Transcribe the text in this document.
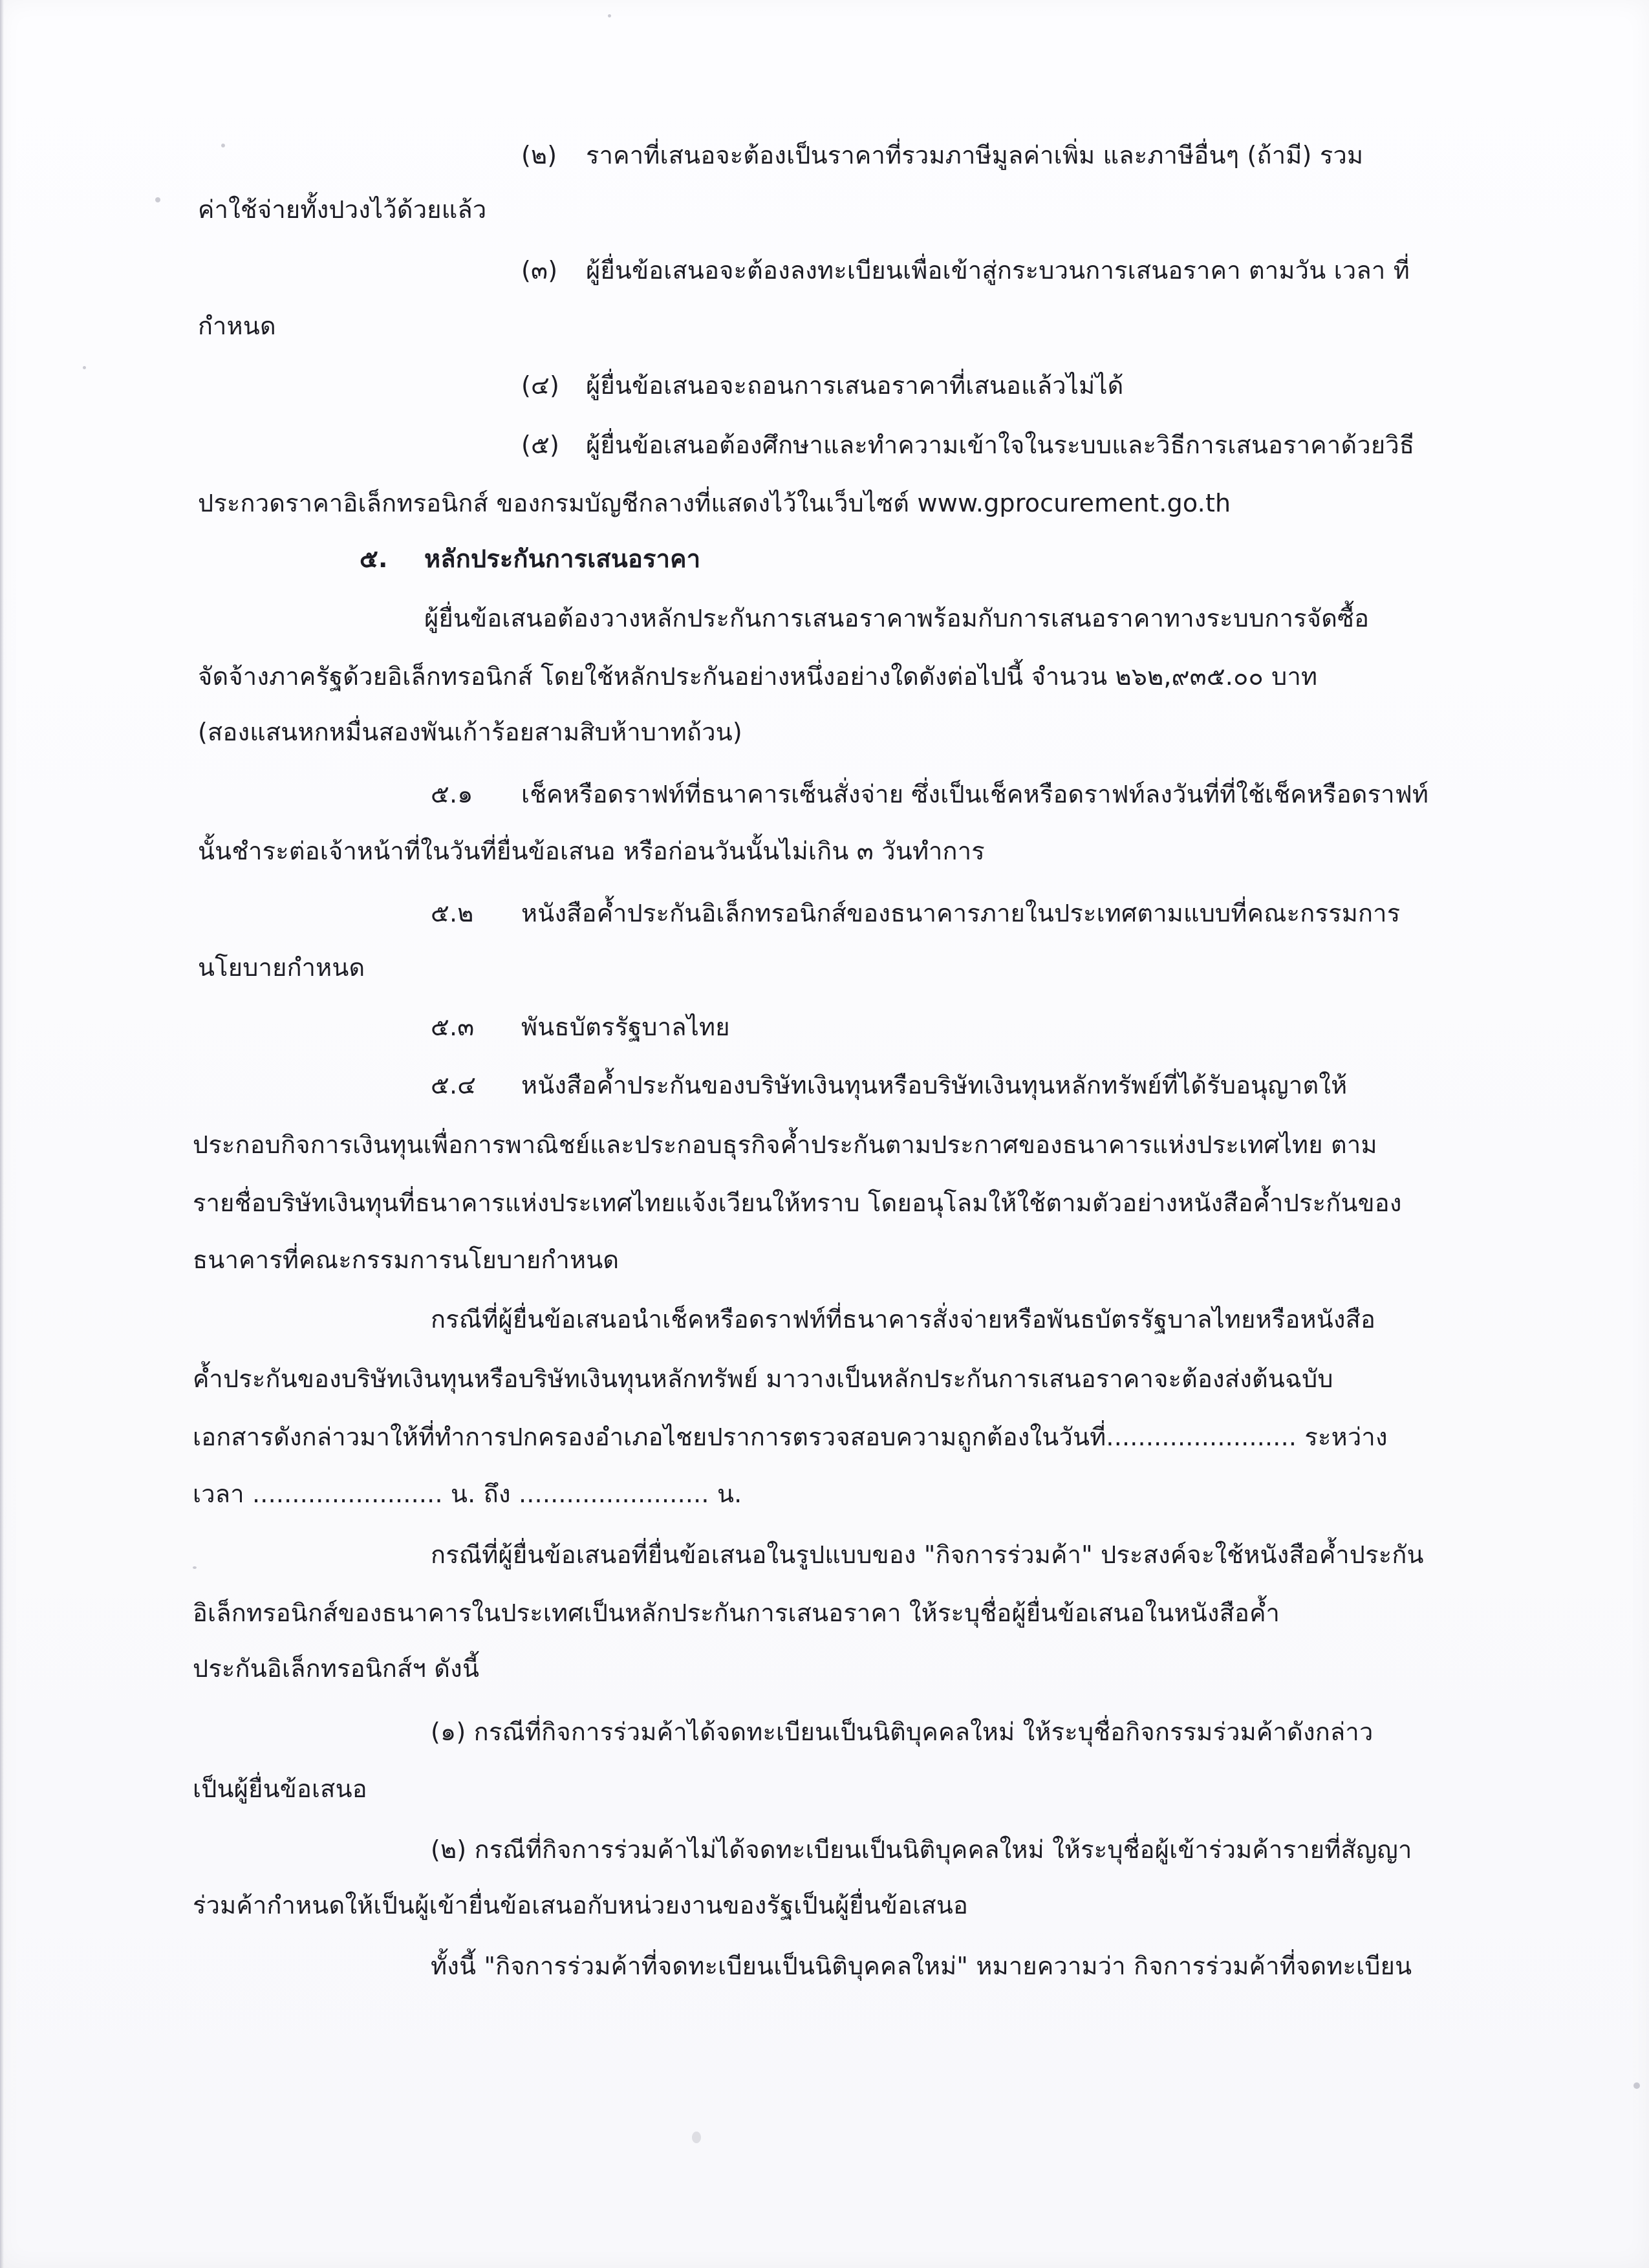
(๒) ราคาที่เสนอจะต้องเป็นราคาที่รวมภาษีมูลค่าเพิ่ม และภาษีอื่นๆ (ถ้ามี) รวม
ค่าใช้จ่ายทั้งปวงไว้ด้วยแล้ว
(๓) ผู้ยื่นข้อเสนอจะต้องลงทะเบียนเพื่อเข้าสู่กระบวนการเสนอราคา ตามวัน เวลา ที่
กำหนด
(๔) ผู้ยื่นข้อเสนอจะถอนการเสนอราคาที่เสนอแล้วไม่ได้
(๕) ผู้ยื่นข้อเสนอต้องศึกษาและทำความเข้าใจในระบบและวิธีการเสนอราคาด้วยวิธี
ประกวดราคาอิเล็กทรอนิกส์ ของกรมบัญชีกลางที่แสดงไว้ในเว็บไซต์ www.gprocurement.go.th
๕. หลักประกันการเสนอราคา
ผู้ยื่นข้อเสนอต้องวางหลักประกันการเสนอราคาพร้อมกับการเสนอราคาทางระบบการจัดซื้อ
จัดจ้างภาครัฐด้วยอิเล็กทรอนิกส์ โดยใช้หลักประกันอย่างหนึ่งอย่างใดดังต่อไปนี้ จำนวน ๒๖๒,๙๓๕.๐๐ บาท
(สองแสนหกหมื่นสองพันเก้าร้อยสามสิบห้าบาทถ้วน)
๕.๑ เช็คหรือดราฟท์ที่ธนาคารเซ็นสั่งจ่าย ซึ่งเป็นเช็คหรือดราฟท์ลงวันที่ที่ใช้เช็คหรือดราฟท์
นั้นชำระต่อเจ้าหน้าที่ในวันที่ยื่นข้อเสนอ หรือก่อนวันนั้นไม่เกิน ๓ วันทำการ
๕.๒ หนังสือค้ำประกันอิเล็กทรอนิกส์ของธนาคารภายในประเทศตามแบบที่คณะกรรมการ
นโยบายกำหนด
๕.๓ พันธบัตรรัฐบาลไทย
๕.๔ หนังสือค้ำประกันของบริษัทเงินทุนหรือบริษัทเงินทุนหลักทรัพย์ที่ได้รับอนุญาตให้
ประกอบกิจการเงินทุนเพื่อการพาณิชย์และประกอบธุรกิจค้ำประกันตามประกาศของธนาคารแห่งประเทศไทย ตาม
รายชื่อบริษัทเงินทุนที่ธนาคารแห่งประเทศไทยแจ้งเวียนให้ทราบ โดยอนุโลมให้ใช้ตามตัวอย่างหนังสือค้ำประกันของ
ธนาคารที่คณะกรรมการนโยบายกำหนด
กรณีที่ผู้ยื่นข้อเสนอนำเช็คหรือดราฟท์ที่ธนาคารสั่งจ่ายหรือพันธบัตรรัฐบาลไทยหรือหนังสือ
ค้ำประกันของบริษัทเงินทุนหรือบริษัทเงินทุนหลักทรัพย์ มาวางเป็นหลักประกันการเสนอราคาจะต้องส่งต้นฉบับ
เอกสารดังกล่าวมาให้ที่ทำการปกครองอำเภอไชยปราการตรวจสอบความถูกต้องในวันที่........................ ระหว่าง
เวลา ........................ น. ถึง ........................ น.
กรณีที่ผู้ยื่นข้อเสนอที่ยื่นข้อเสนอในรูปแบบของ "กิจการร่วมค้า" ประสงค์จะใช้หนังสือค้ำประกัน
อิเล็กทรอนิกส์ของธนาคารในประเทศเป็นหลักประกันการเสนอราคา ให้ระบุชื่อผู้ยื่นข้อเสนอในหนังสือค้ำ
ประกันอิเล็กทรอนิกส์ฯ ดังนี้
(๑) กรณีที่กิจการร่วมค้าได้จดทะเบียนเป็นนิติบุคคลใหม่ ให้ระบุชื่อกิจกรรมร่วมค้าดังกล่าว
เป็นผู้ยื่นข้อเสนอ
(๒) กรณีที่กิจการร่วมค้าไม่ได้จดทะเบียนเป็นนิติบุคคลใหม่ ให้ระบุชื่อผู้เข้าร่วมค้ารายที่สัญญา
ร่วมค้ากำหนดให้เป็นผู้เข้ายื่นข้อเสนอกับหน่วยงานของรัฐเป็นผู้ยื่นข้อเสนอ
ทั้งนี้ "กิจการร่วมค้าที่จดทะเบียนเป็นนิติบุคคลใหม่" หมายความว่า กิจการร่วมค้าที่จดทะเบียน
